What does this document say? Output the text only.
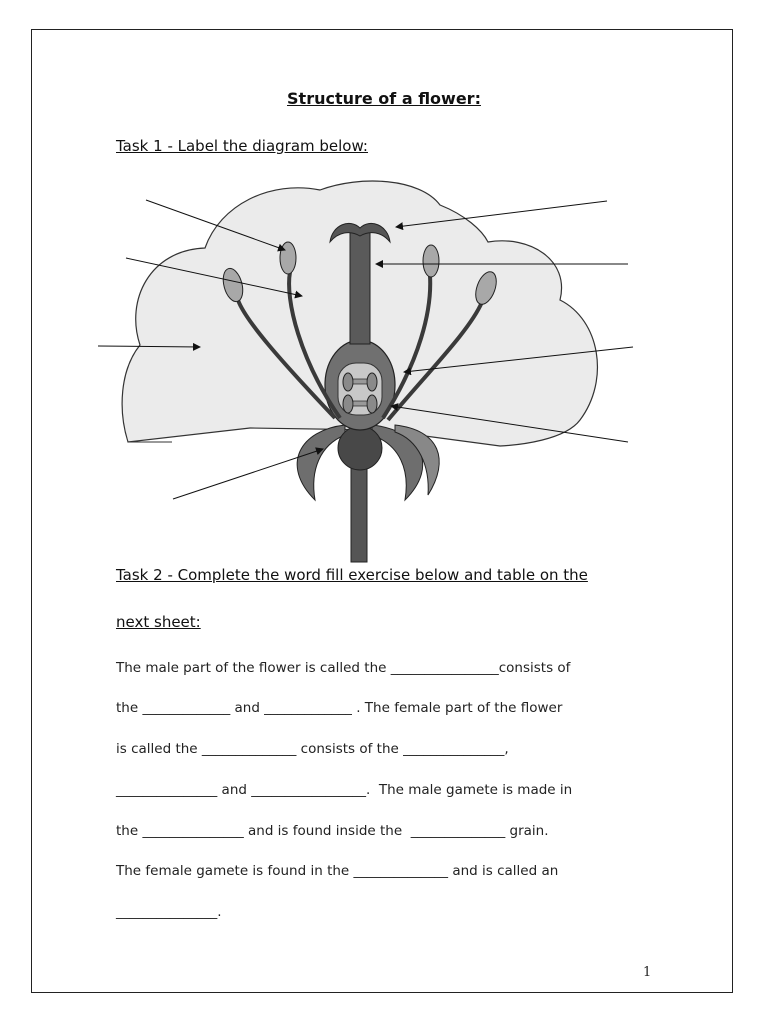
Structure of a flower:
Task 1 - Label the diagram below:
Task 2 - Complete the word fill exercise below and table on the
next sheet:
The male part of the flower is called the ________________consists of
the _____________ and _____________ . The female part of the flower
is called the ______________ consists of the _______________,
_______________ and _________________.  The male gamete is made in
the _______________ and is found inside the  ______________ grain.
The female gamete is found in the ______________ and is called an
_______________.
1
